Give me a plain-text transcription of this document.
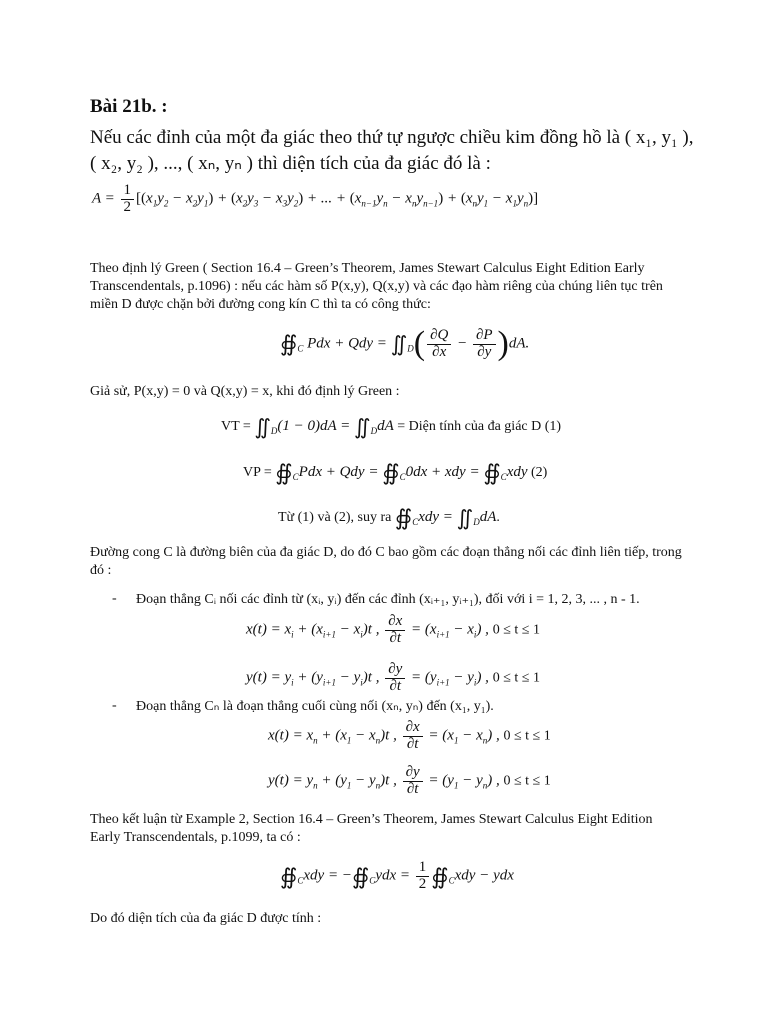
Bài 21b. :
Nếu các đỉnh của một đa giác theo thứ tự ngược chiều kim đồng hồ là ( x₁, y₁ ),
( x₂, y₂ ), ..., ( xₙ, yₙ ) thì diện tích của đa giác đó là :
$A = \frac{1}{2} [(x_1y_2 - x_2y_1) + (x_2y_3 - x_3y_2)$ + ... + $(x_{n-1}y_n - x_ny_{n-1}) + (x_ny_1 - x_1y_n)$]
Theo định lý Green ( Section 16.4 – Green’s Theorem, James Stewart Calculus Eight Edition Early
Transcendentals, p.1096) : nếu các hàm số P(x,y), Q(x,y) và các đạo hàm riêng của chúng liên tục trên
miền D được chặn bởi đường cong kín C thì ta có công thức:
$∯_C$ Pdx + Qdy = $∬_D( \frac{\partial Q}{\partial x} - \frac{\partial P}{\partial y} )dA$.
Giả sử, P(x,y) = 0 và Q(x,y) = x, khi đó định lý Green :
VT = $∬_D(1 - 0)dA$ = $∬_DdA$ = Diện tính của đa giác D (1)
VP = $∯_CPdx$ + Qdy = $∯_C0dx$ + xdy = $∯_Cxdy$ (2)
Từ (1) và (2), suy ra $∯_Cxdy$ = $∬_DdA$.
Đường cong C là đường biên của đa giác D, do đó C bao gồm các đoạn thẳng nối các đỉnh liên tiếp, trong
đó :
- Đoạn thẳng Cᵢ nối các đỉnh từ (xᵢ, yᵢ) đến các đỉnh (xᵢ₊₁, yᵢ₊₁), đối với i = 1, 2, 3, ... , n - 1.
$x(t) = x_i + (x_{i+1} - x_i)t$ , $\frac{\partial x}{\partial t} = (x_{i+1} - x_i)$ , 0 ≤ t ≤ 1
$y(t) = y_i + (y_{i+1} - y_i)t$ , $\frac{\partial y}{\partial t} = (y_{i+1} - y_i)$ , 0 ≤ t ≤ 1
- Đoạn thẳng Cₙ là đoạn thẳng cuối cùng nối (xₙ, yₙ) đến (x₁, y₁).
$x(t) = x_n + (x_1 - x_n)t$ , $\frac{\partial x}{\partial t} = (x_1 - x_n)$ , 0 ≤ t ≤ 1
$y(t) = y_n + (y_1 - y_n)t$ , $\frac{\partial y}{\partial t} = (y_1 - y_n)$ , 0 ≤ t ≤ 1
Theo kết luận từ Example 2, Section 16.4 – Green’s Theorem, James Stewart Calculus Eight Edition
Early Transcendentals, p.1099, ta có :
$∯_Cxdy$ = $-∯_Cydx = \frac{1}{2}$ $∯_Cxdy$ − ydx
Do đó diện tích của đa giác D được tính :
